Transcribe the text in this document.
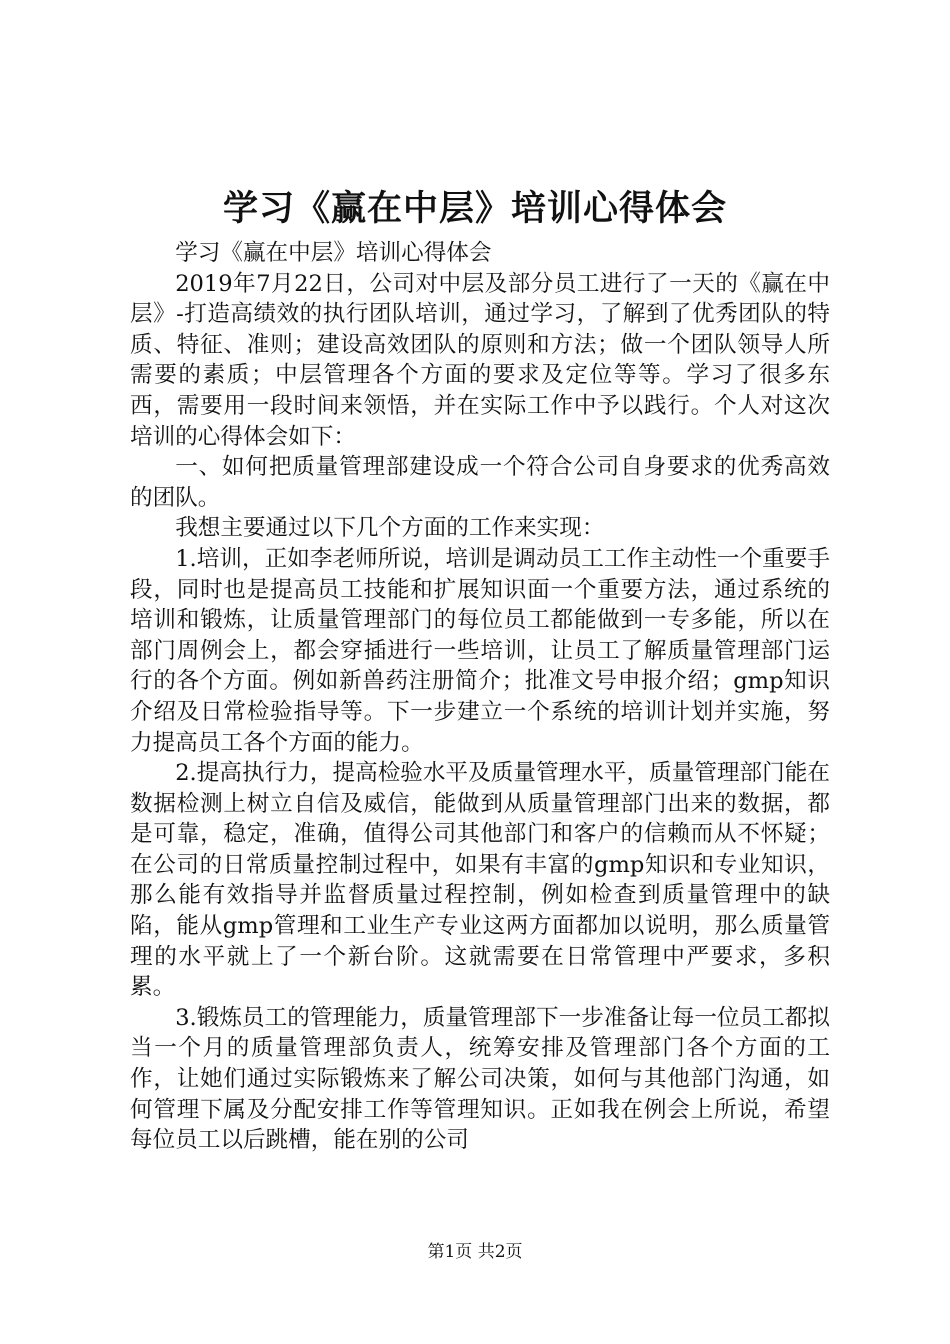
学习《赢在中层》培训心得体会

学习《赢在中层》培训心得体会

2019年7月22日，公司对中层及部分员工进行了一天的《赢在中层》-打造高绩效的执行团队培训，通过学习，了解到了优秀团队的特质、特征、准则；建设高效团队的原则和方法；做一个团队领导人所需要的素质；中层管理各个方面的要求及定位等等。学习了很多东西，需要用一段时间来领悟，并在实际工作中予以践行。个人对这次培训的心得体会如下：

一、如何把质量管理部建设成一个符合公司自身要求的优秀高效的团队。

我想主要通过以下几个方面的工作来实现：

1.培训，正如李老师所说，培训是调动员工工作主动性一个重要手段，同时也是提高员工技能和扩展知识面一个重要方法，通过系统的培训和锻炼，让质量管理部门的每位员工都能做到一专多能，所以在部门周例会上，都会穿插进行一些培训，让员工了解质量管理部门运行的各个方面。例如新兽药注册简介；批准文号申报介绍；gmp知识介绍及日常检验指导等。下一步建立一个系统的培训计划并实施，努力提高员工各个方面的能力。

2.提高执行力，提高检验水平及质量管理水平，质量管理部门能在数据检测上树立自信及威信，能做到从质量管理部门出来的数据，都是可靠，稳定，准确，值得公司其他部门和客户的信赖而从不怀疑；在公司的日常质量控制过程中，如果有丰富的gmp知识和专业知识，那么能有效指导并监督质量过程控制，例如检查到质量管理中的缺陷，能从gmp管理和工业生产专业这两方面都加以说明，那么质量管理的水平就上了一个新台阶。这就需要在日常管理中严要求，多积累。

3.锻炼员工的管理能力，质量管理部下一步准备让每一位员工都拟当一个月的质量管理部负责人，统筹安排及管理部门各个方面的工作，让她们通过实际锻炼来了解公司决策，如何与其他部门沟通，如何管理下属及分配安排工作等管理知识。正如我在例会上所说，希望每位员工以后跳槽，能在别的公司

第1页 共2页
